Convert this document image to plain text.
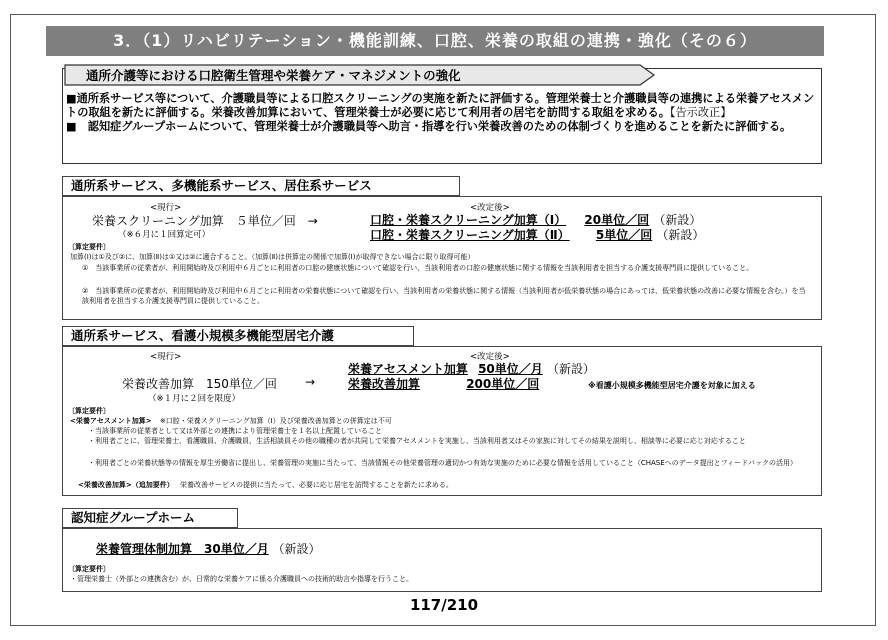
3．（1）リハビリテーション・機能訓練、口腔、栄養の取組の連携・強化（その６）
通所介護等における口腔衛生管理や栄養ケア・マネジメントの強化

■通所系サービス等について、介護職員等による口腔スクリーニングの実施を新たに評価する。管理栄養士と介護職員等の連携による栄養アセスメントの取組を新たに評価する。栄養改善加算において、管理栄養士が必要に応じて利用者の居宅を訪問する取組を求める。【告示改正】

■　認知症グループホームについて、管理栄養士が介護職員等へ助言・指導を行い栄養改善のための体制づくりを進めることを新たに評価する。

通所系サービス、多機能系サービス、居住系サービス
<現行>
栄養スクリーニング加算　５単位／回　→
（※６月に１回算定可）
<改定後>
口腔・栄養スクリーニング加算（Ⅰ） 20単位／回 （新設）
口腔・栄養スクリーニング加算（Ⅱ） 5単位／回 （新設）
〔算定要件〕
加算(Ⅰ)は①及び②に、加算(Ⅱ)は①又は②に適合すること。（加算(Ⅱ)は併算定の関係で加算(Ⅰ)が取得できない場合に限り取得可能）
①　当該事業所の従業者が、利用開始時及び利用中６月ごとに利用者の口腔の健康状態について確認を行い、当該利用者の口腔の健康状態に関する情報を当該利用者を担当する介護支援専門員に提供していること。
②　当該事業所の従業者が、利用開始時及び利用中６月ごとに利用者の栄養状態について確認を行い、当該利用者の栄養状態に関する情報（当該利用者が低栄養状態の場合にあっては、低栄養状態の改善に必要な情報を含む。）を当該利用者を担当する介護支援専門員に提供していること。
通所系サービス、看護小規模多機能型居宅介護
<現行>
栄養改善加算　150単位／回 →
（※１月に２回を限度）
<改定後>
栄養アセスメント加算 50単位／月 （新設）
栄養改善加算	200単位／回	※看護小規模多機能型居宅介護を対象に加える
〔算定要件〕
<栄養アセスメント加算> ※口腔・栄養スクリーニング加算（Ⅰ）及び栄養改善加算との併算定は不可
・当該事業所の従業者として又は外部との連携により管理栄養士を１名以上配置していること
・利用者ごとに、管理栄養士、看護職員、介護職員、生活相談員その他の職種の者が共同して栄養アセスメントを実施し、当該利用者又はその家族に対してその結果を説明し、相談等に必要に応じ対応すること
・利用者ごとの栄養状態等の情報を厚生労働省に提出し、栄養管理の実施に当たって、当該情報その他栄養管理の適切かつ有効な実施のために必要な情報を活用していること（CHASEへのデータ提出とフィードバックの活用）
<栄養改善加算>（追加要件） 栄養改善サービスの提供に当たって、必要に応じ居宅を訪問することを新たに求める。
認知症グループホーム
栄養管理体制加算　30単位／月 （新設）
〔算定要件〕
・管理栄養士（外部との連携含む）が、日常的な栄養ケアに係る介護職員への技術的助言や指導を行うこと。
117/210
